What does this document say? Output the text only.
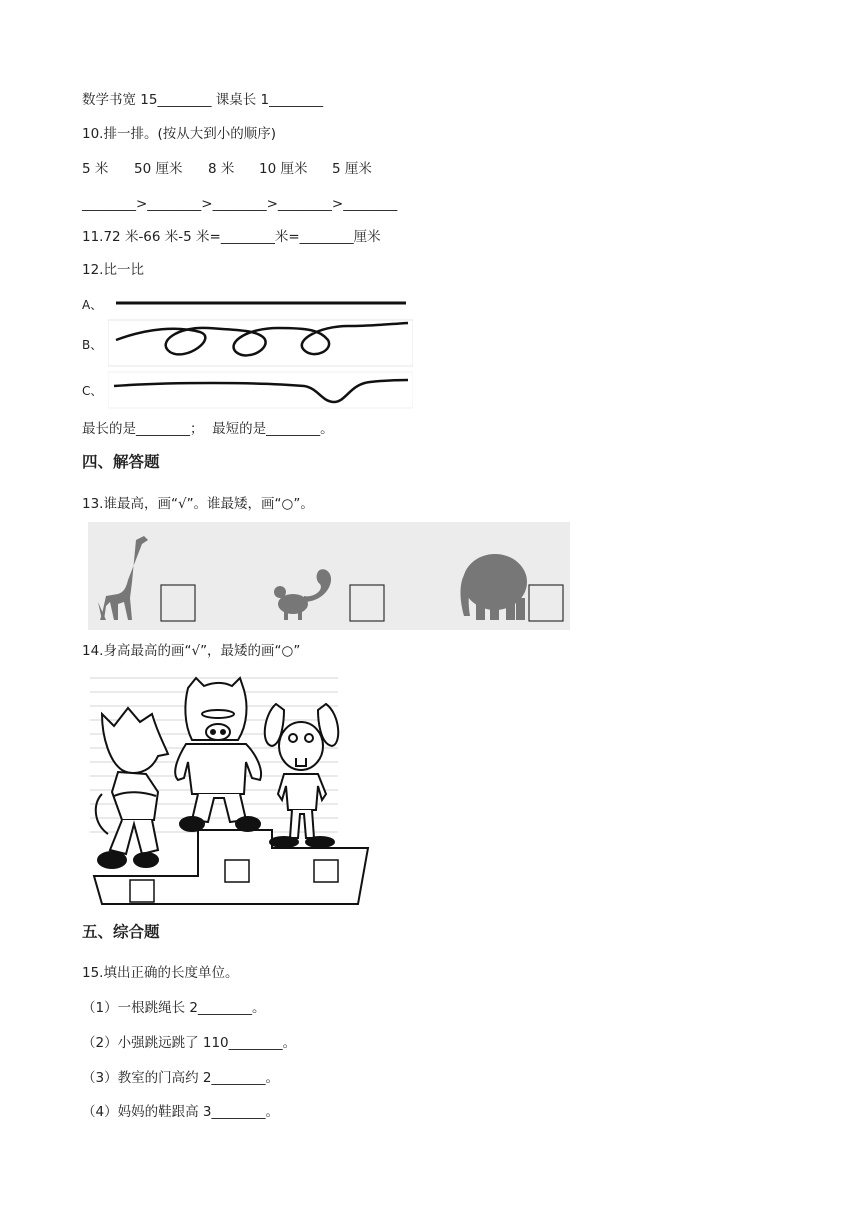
数学书宽 15________ 课桌长 1________
10.排一排。(按从大到小的顺序)
5 米 50 厘米 8 米 10 厘米 5 厘米
________>________>________>________>________
11.72 米-66 米-5 米=________米=________厘米
12.比一比
A、
B、
C、
最长的是________；  最短的是________。
四、解答题
13.谁最高，画“√”。谁最矮，画“○”。
14.身高最高的画“√”，最矮的画“○”
五、综合题
15.填出正确的长度单位。
（1）一根跳绳长 2________。
（2）小强跳远跳了 110________。
（3）教室的门高约 2________。
（4）妈妈的鞋跟高 3________。
